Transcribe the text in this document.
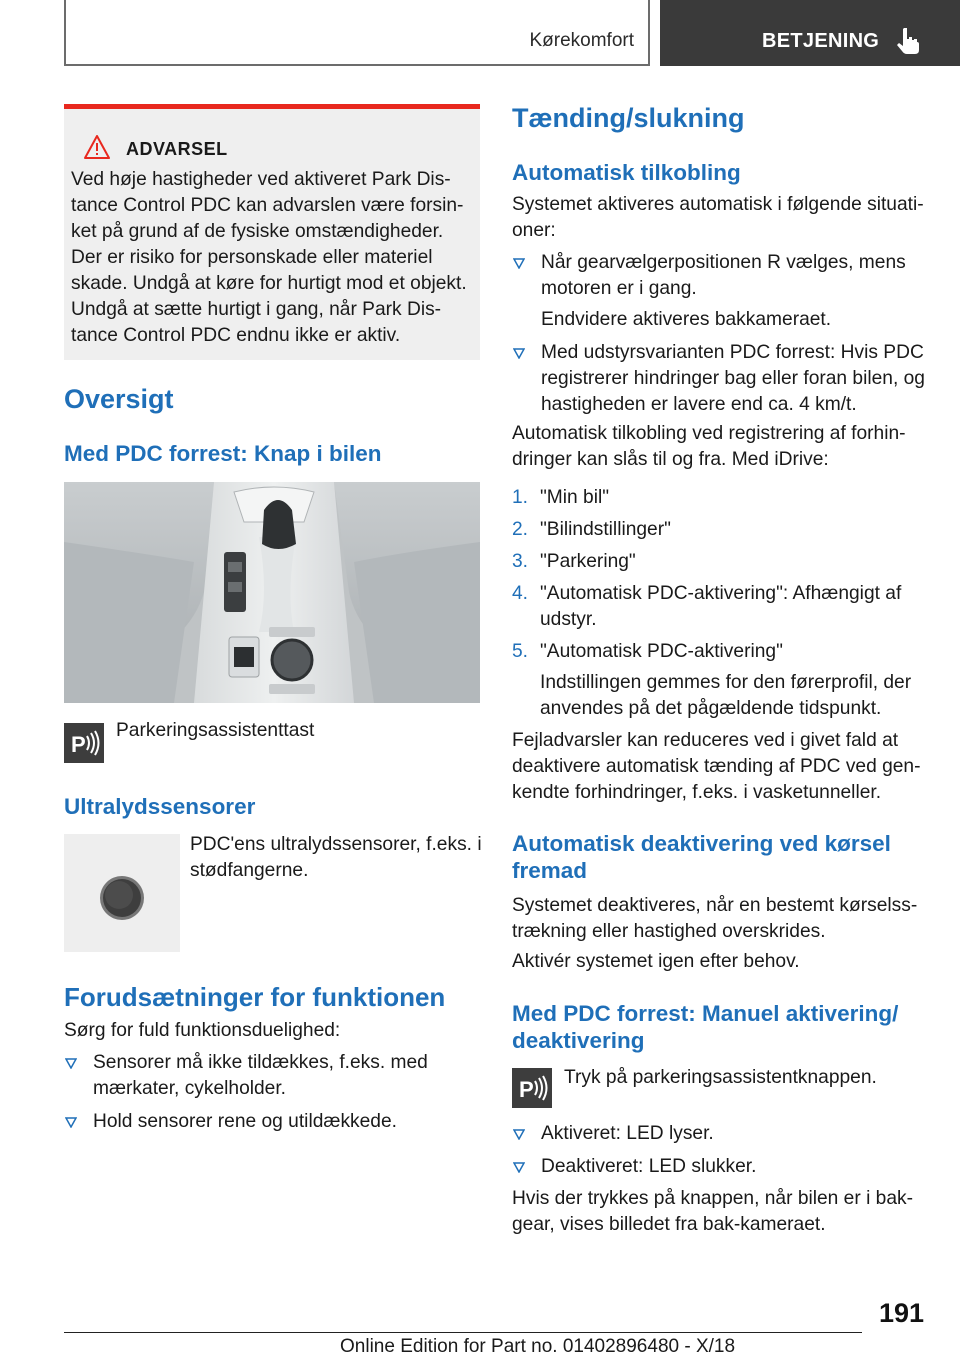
Kørekomfort	BETJENING
ADVARSEL
Ved høje hastigheder ved aktiveret Park Dis-
tance Control PDC kan advarslen være forsin-
ket på grund af de fysiske omstændigheder.
Der er risiko for personskade eller materiel
skade. Undgå at køre for hurtigt mod et objekt.
Undgå at sætte hurtigt i gang, når Park Dis-
tance Control PDC endnu ikke er aktiv.
Oversigt
Med PDC forrest: Knap i bilen
P
Parkeringsassistenttast
Ultralydssensorer
PDC'ens ultralydssensorer, f.eks. i
stødfangerne.
Forudsætninger for funktionen
Sørg for fuld funktionsduelighed:
Sensorer må ikke tildækkes, f.eks. med
mærkater, cykelholder.
Hold sensorer rene og utildækkede.
Tænding/slukning
Automatisk tilkobling
Systemet aktiveres automatisk i følgende situati-
oner:
Når gearvælgerpositionen R vælges, mens
motoren er i gang.
Endvidere aktiveres bakkameraet.
Med udstyrsvarianten PDC forrest: Hvis PDC
registrerer hindringer bag eller foran bilen, og
hastigheden er lavere end ca. 4 km/t.
Automatisk tilkobling ved registrering af forhin-
dringer kan slås til og fra. Med iDrive:
1. "Min bil"
2. "Bilindstillinger"
3. "Parkering"
4. "Automatisk PDC-aktivering": Afhængigt af
udstyr.
5. "Automatisk PDC-aktivering"
Indstillingen gemmes for den førerprofil, der
anvendes på det pågældende tidspunkt.
Fejladvarsler kan reduceres ved i givet fald at
deaktivere automatisk tænding af PDC ved gen-
kendte forhindringer, f.eks. i vasketunneller.
Automatisk deaktivering ved kørsel
fremad
Systemet deaktiveres, når en bestemt kørselss-
trækning eller hastighed overskrides.
Aktivér systemet igen efter behov.
Med PDC forrest: Manuel aktivering/
deaktivering
P Tryk på parkeringsassistentknappen.
Aktiveret: LED lyser.
Deaktiveret: LED slukker.
Hvis der trykkes på knappen, når bilen er i bak-
gear, vises billedet fra bak-kameraet.
191
Online Edition for Part no. 01402896480 - X/18
